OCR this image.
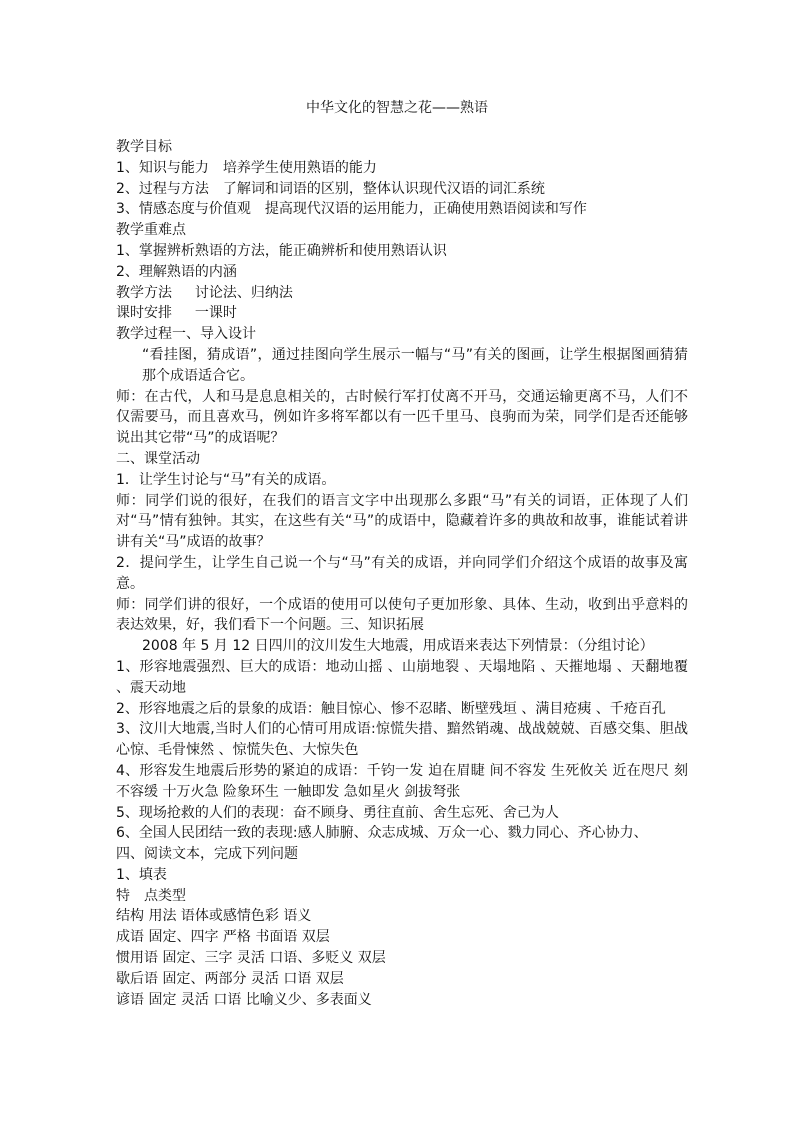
中华文化的智慧之花——熟语

教学目标

1、知识与能力　培养学生使用熟语的能力

2、过程与方法　了解词和词语的区别，整体认识现代汉语的词汇系统

3、情感态度与价值观　提高现代汉语的运用能力，正确使用熟语阅读和写作

教学重难点

1、掌握辨析熟语的方法，能正确辨析和使用熟语认识

2、理解熟语的内涵

教学方法　  讨论法、归纳法

课时安排　  一课时

教学过程一、导入设计

“看挂图，猜成语”，通过挂图向学生展示一幅与“马”有关的图画，让学生根据图画猜猜那个成语适合它。

师：在古代，人和马是息息相关的，古时候行军打仗离不开马，交通运输更离不马，人们不仅需要马，而且喜欢马，例如许多将军都以有一匹千里马、良驹而为荣，同学们是否还能够说出其它带“马”的成语呢？

二、课堂活动

1．让学生讨论与“马”有关的成语。

师：同学们说的很好，在我们的语言文字中出现那么多跟“马”有关的词语，正体现了人们对“马”情有独钟。其实，在这些有关“马”的成语中，隐藏着许多的典故和故事，谁能试着讲讲有关“马”成语的故事？

2．提问学生，让学生自己说一个与“马”有关的成语，并向同学们介绍这个成语的故事及寓意。

师：同学们讲的很好，一个成语的使用可以使句子更加形象、具体、生动，收到出乎意料的表达效果，好，我们看下一个问题。三、知识拓展

2008 年 5 月 12 日四川的汶川发生大地震，用成语来表达下列情景：（分组讨论）

1、形容地震强烈、巨大的成语：地动山摇 、山崩地裂 、天塌地陷 、天摧地塌 、天翻地覆 、震天动地

2、形容地震之后的景象的成语：触目惊心、惨不忍睹、断壁残垣 、满目疮痍 、千疮百孔

3、汶川大地震,当时人们的心情可用成语:惊慌失措、黯然销魂、战战兢兢、百感交集、胆战心惊、毛骨悚然 、惊慌失色、大惊失色

4、形容发生地震后形势的紧迫的成语：千钧一发 迫在眉睫 间不容发 生死攸关 近在咫尺 刻不容缓 十万火急 险象环生 一触即发 急如星火 剑拔弩张

5、现场抢救的人们的表现：奋不顾身、勇往直前、舍生忘死、舍己为人

6、全国人民团结一致的表现:感人肺腑、众志成城、万众一心、戮力同心、齐心协力、

四、阅读文本，完成下列问题

1、填表

特　点类型

结构 用法 语体或感情色彩 语义

成语 固定、四字 严格 书面语 双层

惯用语 固定、三字 灵活 口语、多贬义 双层

歇后语 固定、两部分 灵活 口语 双层

谚语 固定 灵活 口语 比喻义少、多表面义
